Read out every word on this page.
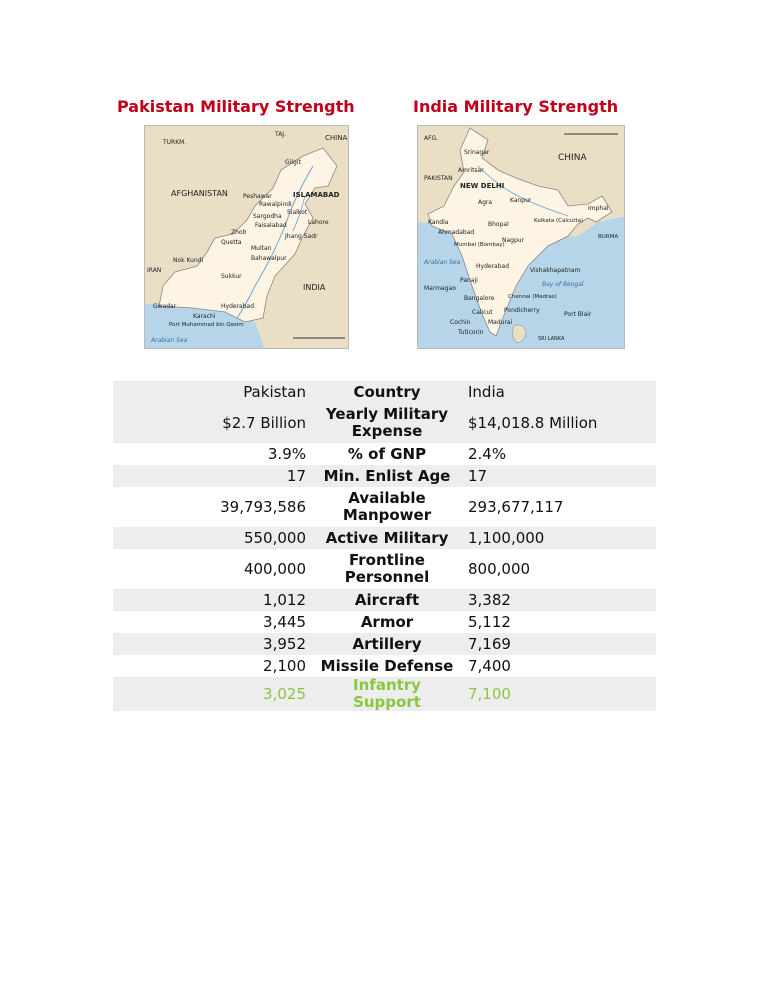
Pakistan Military Strength	India Military Strength
TURKM.
TAJ.	CHINA
Gilgit
AFGHANISTAN	Peshawar
Rawalpindi
ISLAMABAD
Sargodha
Faisalabad
Sialkot
Lahore
Zhob
Quetta
Jhang Sadr
Multan
Bahawalpur
Nok Kundi
IRAN
Sukkur
INDIA
Gwadar	Hyderabad
Karachi
Port Muhammad bin Qasim
Arabian Sea
AFG.
Srinagar
Amritsar
PAKISTAN
CHINA
NEW DELHI
Agra	Kanpur
Kandla
Ahmadabad
Bhopal	Kolkata (Calcutta)
Mumbai (Bombay)
Nagpur
Hyderabad
Vishakhapatnam
Arabian Sea
Panaji
Marmagao
Bangalore Chennai (Madras)
Bay of Bengal
Pondicherry
Calicut
Cochin	Madurai
Tuticorin
SRI LANKA
Port Blair
BURMA
Imphal
Pakistan	Country	India
$2.7 Billion	Yearly Military Expense	$14,018.8 Million
3.9%	% of GNP	2.4%
17	Min. Enlist Age	17
39,793,586	Available Manpower	293,677,117
550,000	Active Military	1,100,000
400,000	Frontline Personnel	800,000
1,012	Aircraft	3,382
3,445	Armor	5,112
3,952	Artillery	7,169
2,100	Missile Defense	7,400
3,025	Infantry Support	7,100
